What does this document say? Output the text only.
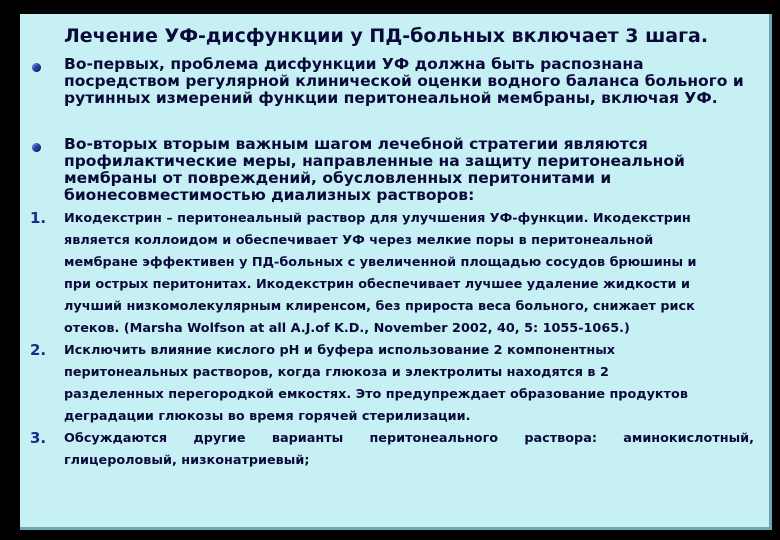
Лечение УФ-дисфункции у ПД-больных включает 3 шага.
Во-первых, проблема дисфункции УФ должна быть распознана
посредством регулярной клинической оценки водного баланса больного и
рутинных измерений функции перитонеальной мембраны, включая УФ.
Во-вторых вторым важным шагом лечебной стратегии являются
профилактические меры, направленные на защиту перитонеальной
мембраны от повреждений, обусловленных перитонитами и
бионесовместимостью диализных растворов:
1.	Икодекстрин – перитонеальный раствор для улучшения УФ-функции. Икодекстрин
является коллоидом и обеспечивает УФ через мелкие поры в перитонеальной
мембране эффективен у ПД-больных с увеличенной площадью сосудов брюшины и
при острых перитонитах. Икодекстрин обеспечивает лучшее удаление жидкости и
лучший низкомолекулярным клиренсом, без прироста веса больного, снижает риск
отеков. (Marsha Wolfson at all A.J.of K.D., November 2002, 40, 5: 1055-1065.)
2.	Исключить влияние кислого pH и буфера использование 2 компонентных
перитонеальных растворов, когда глюкоза и электролиты находятся в 2
разделенных перегородкой емкостях. Это предупреждает образование продуктов
деградации глюкозы во время горячей стерилизации.
3.	Обсуждаются другие варианты перитонеального раствора: аминокислотный,
глицероловый, низконатриевый;
